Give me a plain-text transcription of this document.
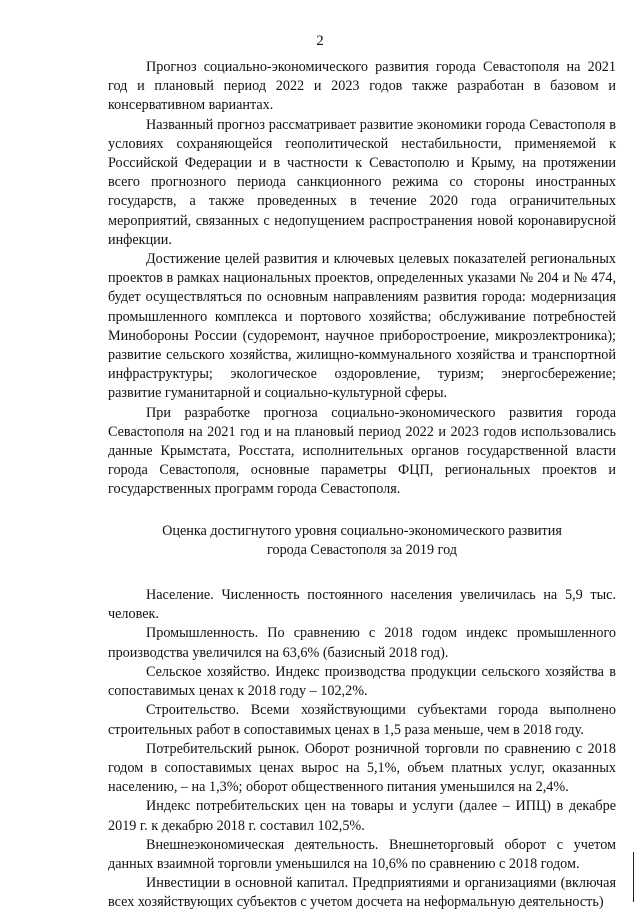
2

Прогноз социально-экономического развития города Севастополя на 2021 год и плановый период 2022 и 2023 годов также разработан в базовом и консервативном вариантах.

Названный прогноз рассматривает развитие экономики города Севастополя в условиях сохраняющейся геополитической нестабильности, применяемой к Российской Федерации и в частности к Севастополю и Крыму, на протяжении всего прогнозного периода санкционного режима со стороны иностранных государств, а также проведенных в течение 2020 года ограничительных мероприятий, связанных с недопущением распространения новой коронавирусной инфекции.

Достижение целей развития и ключевых целевых показателей региональных проектов в рамках национальных проектов, определенных указами № 204 и № 474, будет осуществляться по основным направлениям развития города: модернизация промышленного комплекса и портового хозяйства; обслуживание потребностей Минобороны России (судоремонт, научное приборостроение, микроэлектроника); развитие сельского хозяйства, жилищно-коммунального хозяйства и транспортной инфраструктуры; экологическое оздоровление, туризм; энергосбережение; развитие гуманитарной и социально-культурной сферы.

При разработке прогноза социально-экономического развития города Севастополя на 2021 год и на плановый период 2022 и 2023 годов использовались данные Крымстата, Росстата, исполнительных органов государственной власти города Севастополя, основные параметры ФЦП, региональных проектов и государственных программ города Севастополя.

Оценка достигнутого уровня социально-экономического развития
города Севастополя за 2019 год

Население. Численность постоянного населения увеличилась на 5,9 тыс. человек.

Промышленность. По сравнению с 2018 годом индекс промышленного производства увеличился на 63,6% (базисный 2018 год).

Сельское хозяйство. Индекс производства продукции сельского хозяйства в сопоставимых ценах к 2018 году – 102,2%.

Строительство. Всеми хозяйствующими субъектами города выполнено строительных работ в сопоставимых ценах в 1,5 раза меньше, чем в 2018 году.

Потребительский рынок. Оборот розничной торговли по сравнению с 2018 годом в сопоставимых ценах вырос на 5,1%, объем платных услуг, оказанных населению, – на 1,3%; оборот общественного питания уменьшился на 2,4%.

Индекс потребительских цен на товары и услуги (далее – ИПЦ) в декабре 2019 г. к декабрю 2018 г. составил 102,5%.

Внешнеэкономическая деятельность. Внешнеторговый оборот с учетом данных взаимной торговли уменьшился на 10,6% по сравнению с 2018 годом.

Инвестиции в основной капитал. Предприятиями и организациями (включая всех хозяйствующих субъектов с учетом досчета на неформальную деятельность)
